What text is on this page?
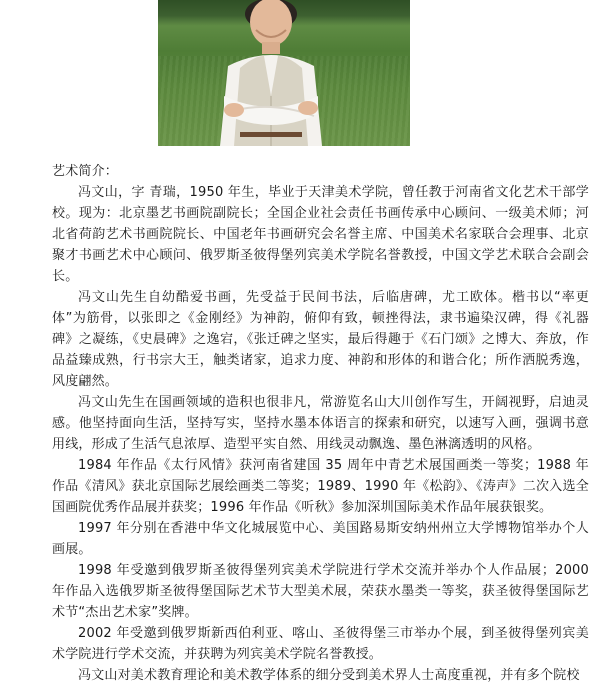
艺术简介：

冯文山，字 青瑞，1950 年生，毕业于天津美术学院，曾任教于河南省文化艺术干部学校。现为：北京墨艺书画院副院长；全国企业社会责任书画传承中心顾问、一级美术师；河北省荷韵艺术书画院院长、中国老年书画研究会名誉主席、中国美术名家联合会理事、北京聚才书画艺术中心顾问、俄罗斯圣彼得堡列宾美术学院名誉教授，中国文学艺术联合会副会长。

冯文山先生自幼酷爱书画，先受益于民间书法，后临唐碑，尤工欧体。楷书以“率更体”为筋骨，以张即之《金刚经》为神韵，俯仰有致，顿挫得法，隶书遍染汉碑，得《礼器碑》之凝练，《史晨碑》之逸宕，《张迁碑之坚实，最后得趣于《石门颂》之博大、奔放，作品益臻成熟，行书宗大王，触类诸家，追求力度、神韵和形体的和谐合化；所作洒脱秀逸，风度翩然。

冯文山先生在国画领域的造积也很非凡，常游览名山大川创作写生，开阔视野，启迪灵感。他坚持面向生活，坚持写实，坚持水墨本体语言的探索和研究，以速写入画，强调书意用线，形成了生活气息浓厚、造型平实自然、用线灵动飘逸、墨色淋漓透明的风格。

1984 年作品《太行风情》获河南省建国 35 周年中青艺术展国画类一等奖；1988 年作品《清风》获北京国际艺展绘画类二等奖；1989、1990 年《松韵》、《涛声》二次入选全国画院优秀作品展并获奖；1996 年作品《听秋》参加深圳国际美术作品年展获银奖。

1997 年分别在香港中华文化城展览中心、美国路易斯安纳州州立大学博物馆举办个人画展。

1998 年受邀到俄罗斯圣彼得堡列宾美术学院进行学术交流并举办个人作品展；2000 年作品入选俄罗斯圣彼得堡国际艺术节大型美术展，荣获水墨类一等奖，获圣彼得堡国际艺术节“杰出艺术家”奖牌。

2002 年受邀到俄罗斯新西伯利亚、喀山、圣彼得堡三市举办个展，到圣彼得堡列宾美术学院进行学术交流，并获聘为列宾美术学院名誉教授。

冯文山对美术教育理论和美术教学体系的细分受到美术界人士高度重视，并有多个院校
